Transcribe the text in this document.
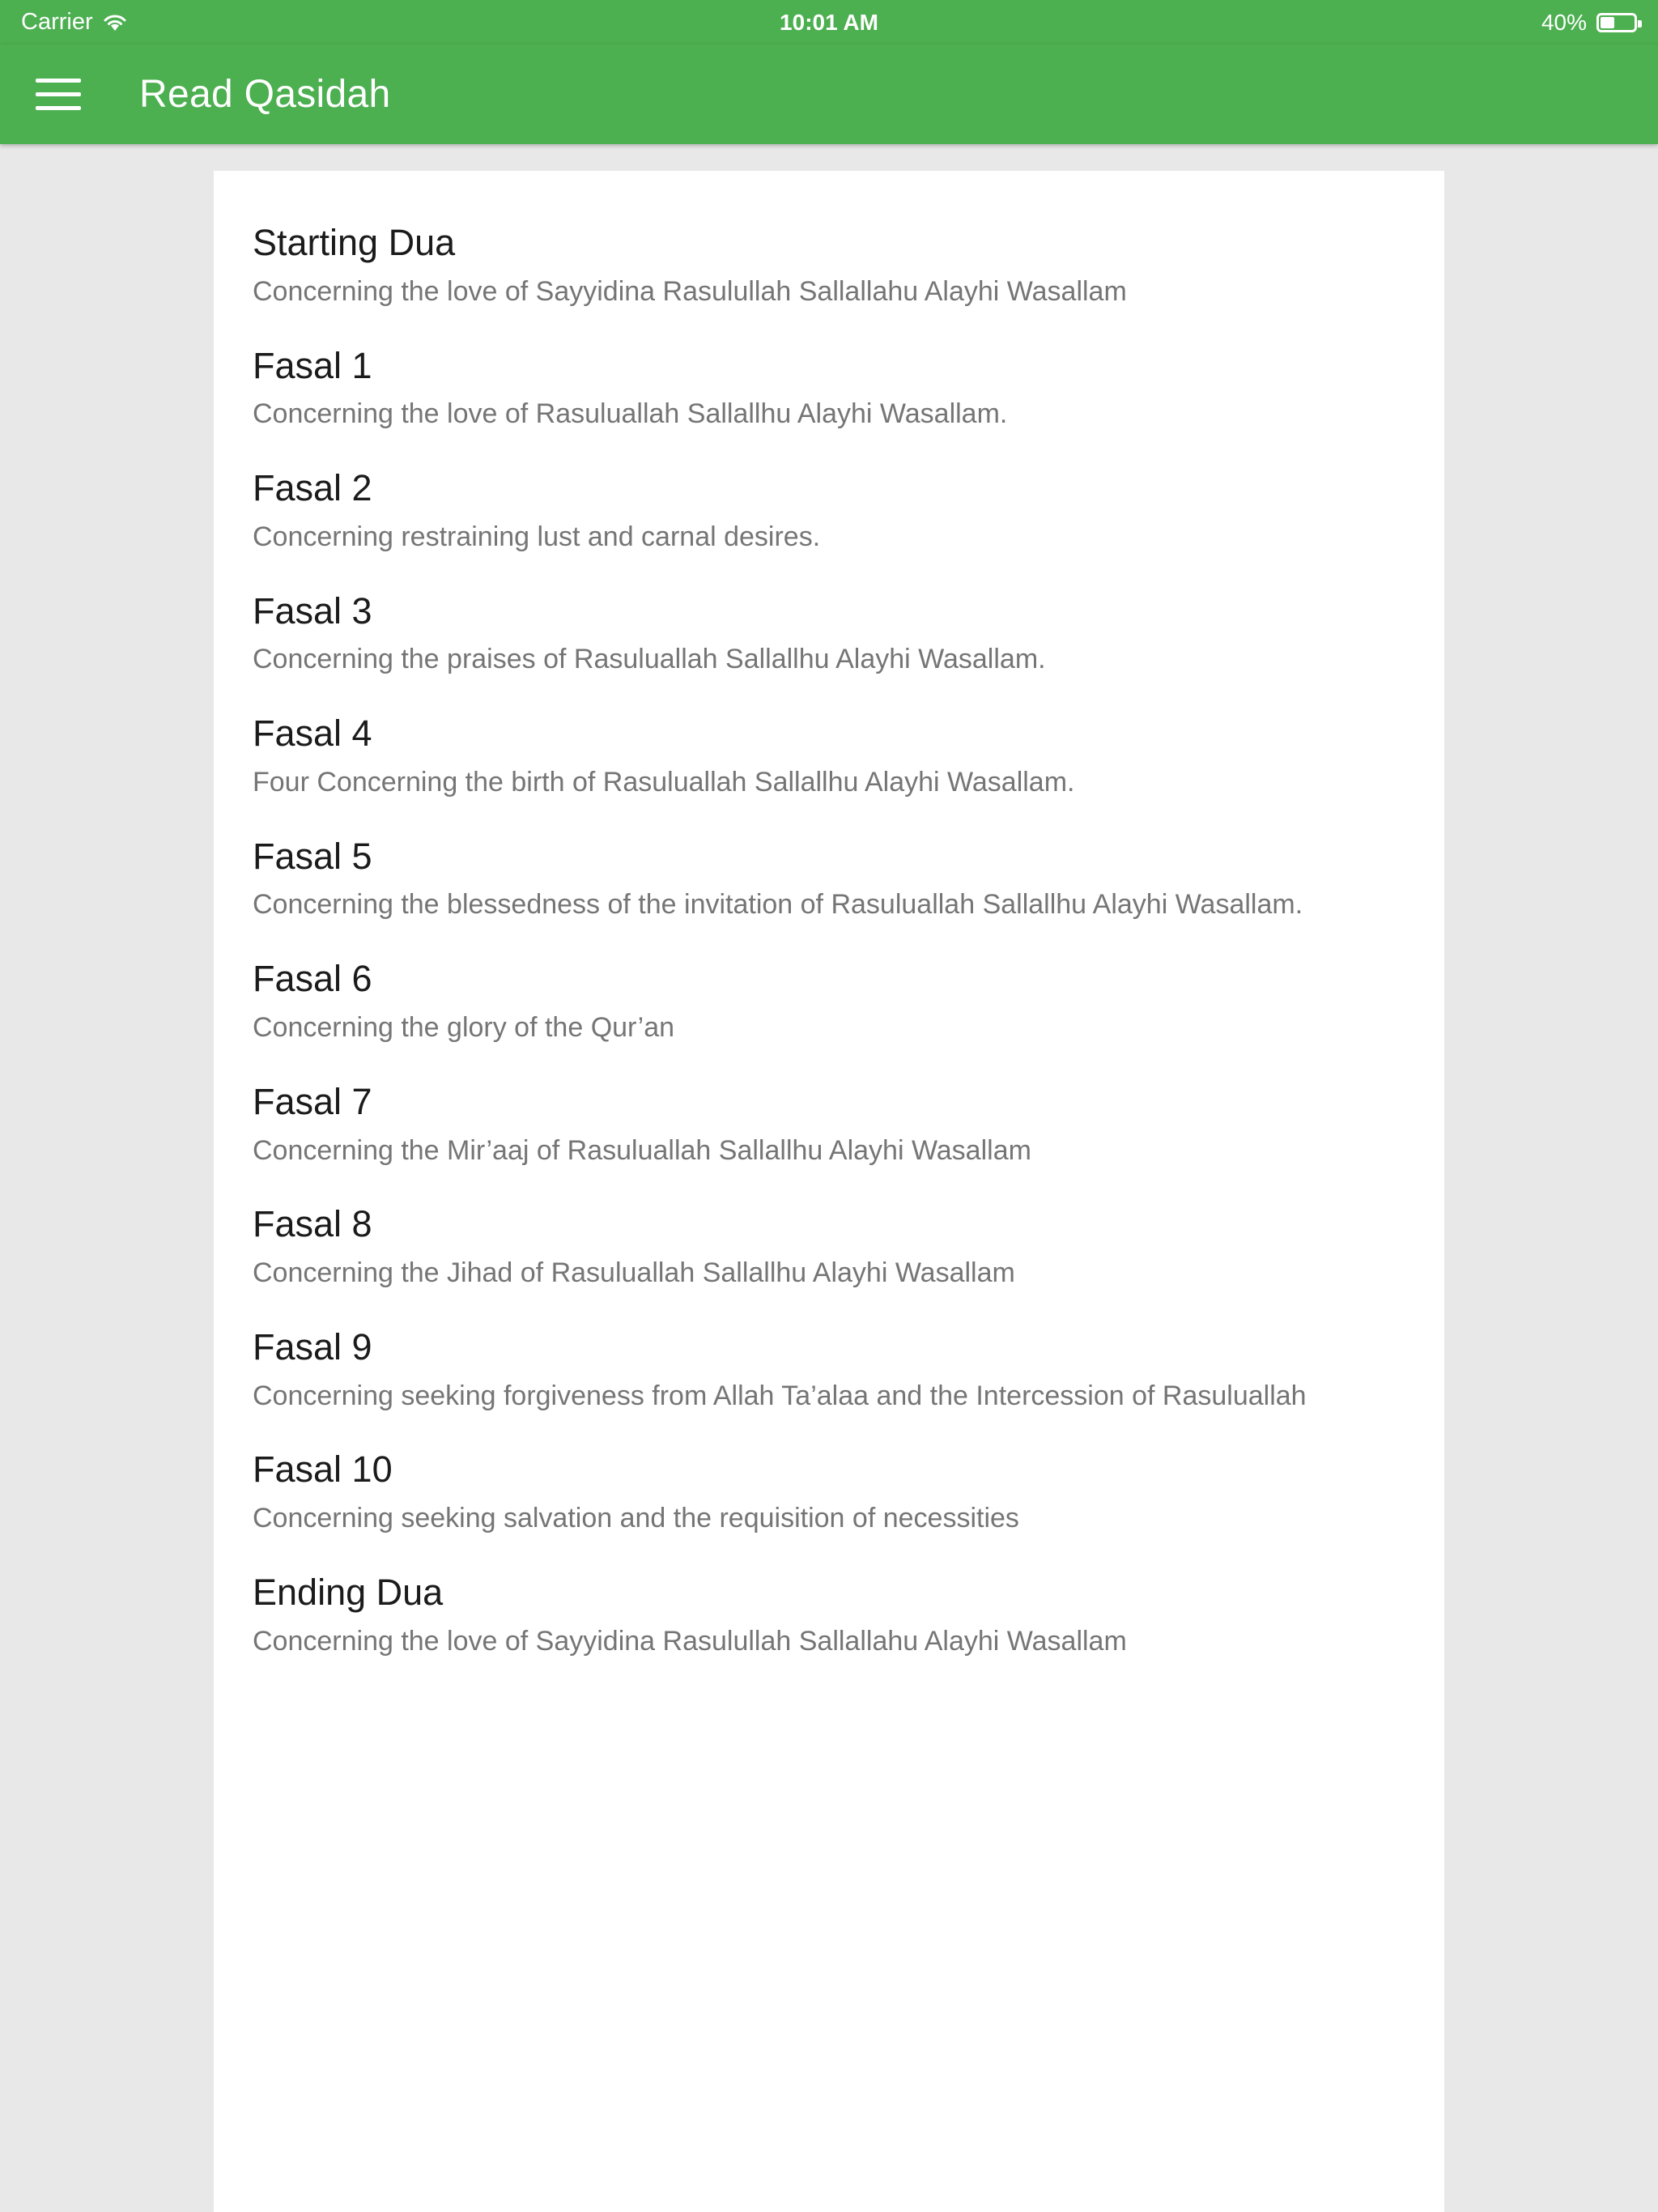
Carrier	10:01 AM	40%
Read Qasidah
Starting Dua
Concerning the love of Sayyidina Rasulullah Sallallahu Alayhi Wasallam
Fasal 1
Concerning the love of Rasuluallah Sallallhu Alayhi Wasallam.
Fasal 2
Concerning restraining lust and carnal desires.
Fasal 3
Concerning the praises of Rasuluallah Sallallhu Alayhi Wasallam.
Fasal 4
Four Concerning the birth of Rasuluallah Sallallhu Alayhi Wasallam.
Fasal 5
Concerning the blessedness of the invitation of Rasuluallah Sallallhu Alayhi Wasallam.
Fasal 6
Concerning the glory of the Qur’an
Fasal 7
Concerning the Mir’aaj of Rasuluallah Sallallhu Alayhi Wasallam
Fasal 8
Concerning the Jihad of Rasuluallah Sallallhu Alayhi Wasallam
Fasal 9
Concerning seeking forgiveness from Allah Ta’alaa and the Intercession of Rasuluallah
Fasal 10
Concerning seeking salvation and the requisition of necessities
Ending Dua
Concerning the love of Sayyidina Rasulullah Sallallahu Alayhi Wasallam
